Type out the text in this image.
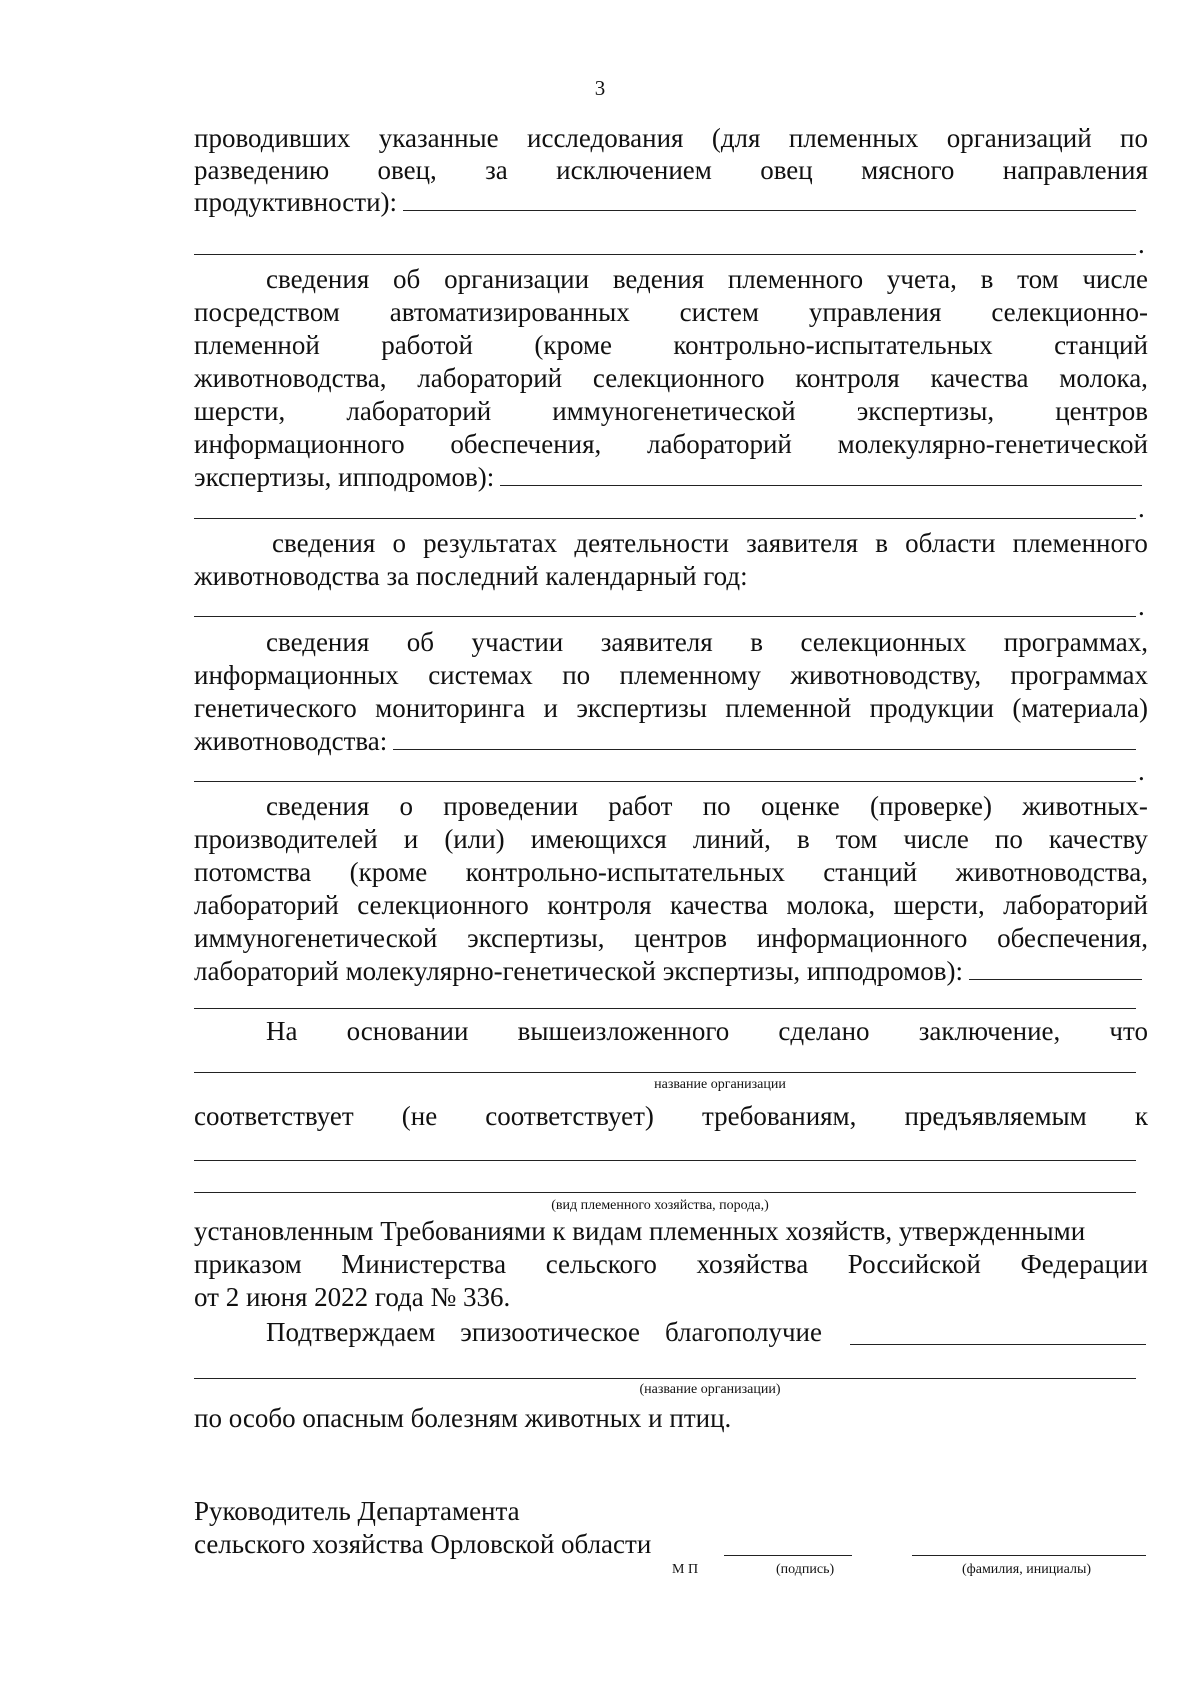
3
проводивших указанные исследования (для племенных организаций по
разведению овец, за исключением овец мясного направления
продуктивности):
.
сведения об организации ведения племенного учета, в том числе
посредством автоматизированных систем управления селекционно-
племенной работой (кроме контрольно-испытательных станций
животноводства, лабораторий селекционного контроля качества молока,
шерсти, лабораторий иммуногенетической экспертизы, центров
информационного обеспечения, лабораторий молекулярно-генетической
экспертизы, ипподромов):
.
сведения о результатах деятельности заявителя в области племенного
животноводства за последний календарный год:
.
сведения об участии заявителя в селекционных программах,
информационных системах по племенному животноводству, программах
генетического мониторинга и экспертизы племенной продукции (материала)
животноводства:
.
сведения о проведении работ по оценке (проверке) животных-
производителей и (или) имеющихся линий, в том числе по качеству
потомства (кроме контрольно-испытательных станций животноводства,
лабораторий селекционного контроля качества молока, шерсти, лабораторий
иммуногенетической экспертизы, центров информационного обеспечения,
лабораторий молекулярно-генетической экспертизы, ипподромов):
На основании вышеизложенного сделано заключение, что
название организации
соответствует (не соответствует) требованиям, предъявляемым к
(вид племенного хозяйства, порода,)
установленным Требованиями к видам племенных хозяйств, утвержденными
приказом Министерства сельского хозяйства Российской Федерации
от 2 июня 2022 года № 336.
Подтверждаем эпизоотическое благополучие
(название организации)
по особо опасным болезням животных и птиц.
Руководитель Департамента
сельского хозяйства Орловской области
М П	(подпись)	(фамилия, инициалы)
